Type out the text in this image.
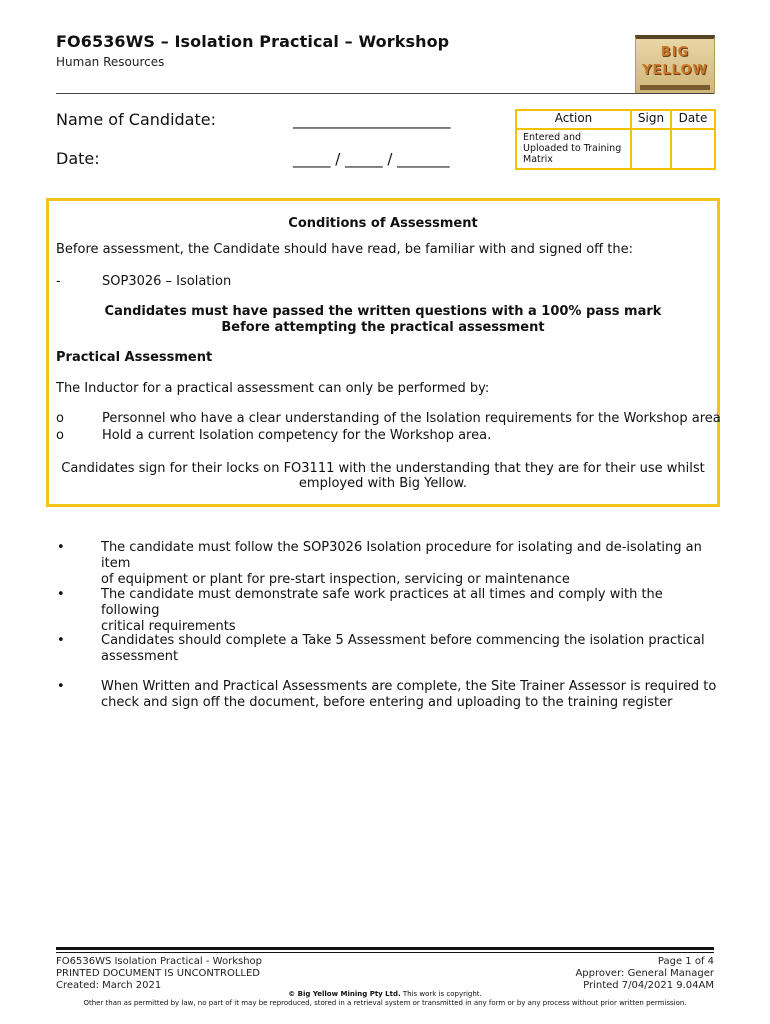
FO6536WS – Isolation Practical – Workshop
Human Resources
BIG
YELLOW
Name of Candidate:	_____________________
Date:	_____ / _____ / _______
Action	Sign	Date
Entered and Uploaded to Training Matrix		
Conditions of Assessment
Before assessment, the Candidate should have read, be familiar with and signed off the:
-	SOP3026 – Isolation
Candidates must have passed the written questions with a 100% pass mark
Before attempting the practical assessment
Practical Assessment
The Inductor for a practical assessment can only be performed by:
o	Personnel who have a clear understanding of the Isolation requirements for the Workshop area
o	Hold a current Isolation competency for the Workshop area.
Candidates sign for their locks on FO3111 with the understanding that they are for their use whilst
employed with Big Yellow.
•	The candidate must follow the SOP3026 Isolation procedure for isolating and de-isolating an item
of equipment or plant for pre-start inspection, servicing or maintenance
•	The candidate must demonstrate safe work practices at all times and comply with the following
critical requirements
•	Candidates should complete a Take 5 Assessment before commencing the isolation practical
assessment
•	When Written and Practical Assessments are complete, the Site Trainer Assessor is required to
check and sign off the document, before entering and uploading to the training register
FO6536WS Isolation Practical - Workshop
PRINTED DOCUMENT IS UNCONTROLLED
Created: March 2021
Page 1 of 4
Approver: General Manager
Printed 7/04/2021 9.04AM
© Big Yellow Mining Pty Ltd. This work is copyright.
Other than as permitted by law, no part of it may be reproduced, stored in a retrieval system or transmitted in any form or by any process without prior written permission.
